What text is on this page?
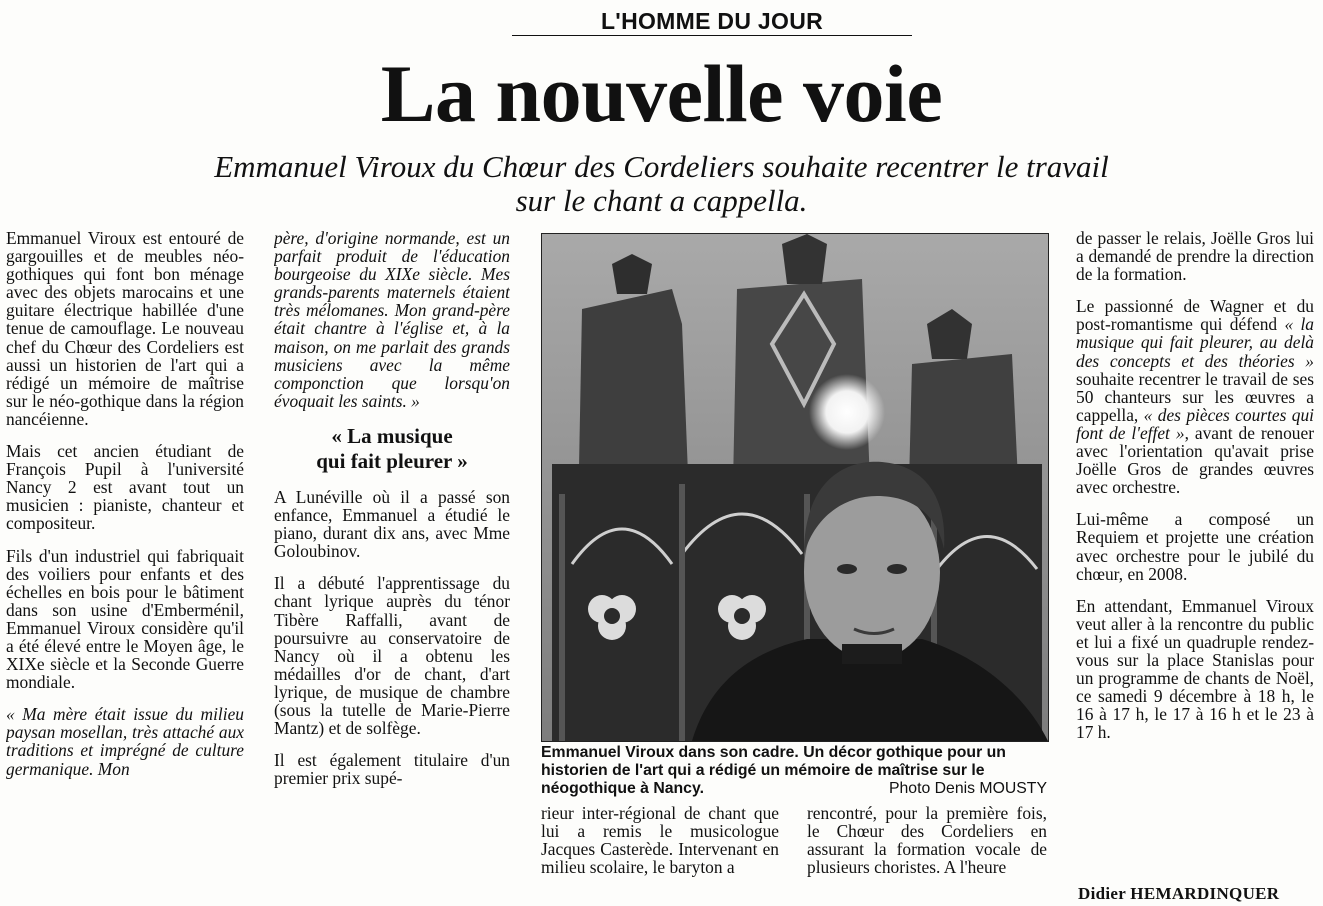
L'HOMME DU JOUR
La nouvelle voie
Emmanuel Viroux du Chœur des Cordeliers souhaite recentrer le travail
sur le chant a cappella.

Emmanuel Viroux est entouré de gargouilles et de meubles néo-gothiques qui font bon ménage avec des objets marocains et une guitare électrique habillée d'une tenue de camouflage. Le nouveau chef du Chœur des Cordeliers est aussi un historien de l'art qui a rédigé un mémoire de maîtrise sur le néo-gothique dans la région nancéienne.

Mais cet ancien étudiant de François Pupil à l'université Nancy 2 est avant tout un musicien : pianiste, chanteur et compositeur.

Fils d'un industriel qui fabriquait des voiliers pour enfants et des échelles en bois pour le bâtiment dans son usine d'Emberménil, Emmanuel Viroux considère qu'il a été élevé entre le Moyen âge, le XIXe siècle et la Seconde Guerre mondiale.

« Ma mère était issue du milieu paysan mosellan, très attaché aux traditions et imprégné de culture germanique. Mon

père, d'origine normande, est un parfait produit de l'éducation bourgeoise du XIXe siècle. Mes grands-parents maternels étaient très mélomanes. Mon grand-père était chantre à l'église et, à la maison, on me parlait des grands musiciens avec la même componction que lorsqu'on évoquait les saints. »

« La musique
qui fait pleurer »

A Lunéville où il a passé son enfance, Emmanuel a étudié le piano, durant dix ans, avec Mme Goloubinov.

Il a débuté l'apprentissage du chant lyrique auprès du ténor Tibère Raffalli, avant de poursuivre au conservatoire de Nancy où il a obtenu les médailles d'or de chant, d'art lyrique, de musique de chambre (sous la tutelle de Marie-Pierre Mantz) et de solfège.

Il est également titulaire d'un premier prix supé-

Emmanuel Viroux dans son cadre. Un décor gothique pour un historien de l'art qui a rédigé un mémoire de maîtrise sur le néogothique à Nancy.	Photo Denis MOUSTY

rieur inter-régional de chant que lui a remis le musicologue Jacques Casterède. Intervenant en milieu scolaire, le baryton a

rencontré, pour la première fois, le Chœur des Cordeliers en assurant la formation vocale de plusieurs choristes. A l'heure

de passer le relais, Joëlle Gros lui a demandé de prendre la direction de la formation.

Le passionné de Wagner et du post-romantisme qui défend « la musique qui fait pleurer, au delà des concepts et des théories » souhaite recentrer le travail de ses 50 chanteurs sur les œuvres a cappella, « des pièces courtes qui font de l'effet », avant de renouer avec l'orientation qu'avait prise Joëlle Gros de grandes œuvres avec orchestre.

Lui-même a composé un Requiem et projette une création avec orchestre pour le jubilé du chœur, en 2008.

En attendant, Emmanuel Viroux veut aller à la rencontre du public et lui a fixé un quadruple rendez-vous sur la place Stanislas pour un programme de chants de Noël, ce samedi 9 décembre à 18 h, le 16 à 17 h, le 17 à 16 h et le 23 à 17 h.

Didier HEMARDINQUER
